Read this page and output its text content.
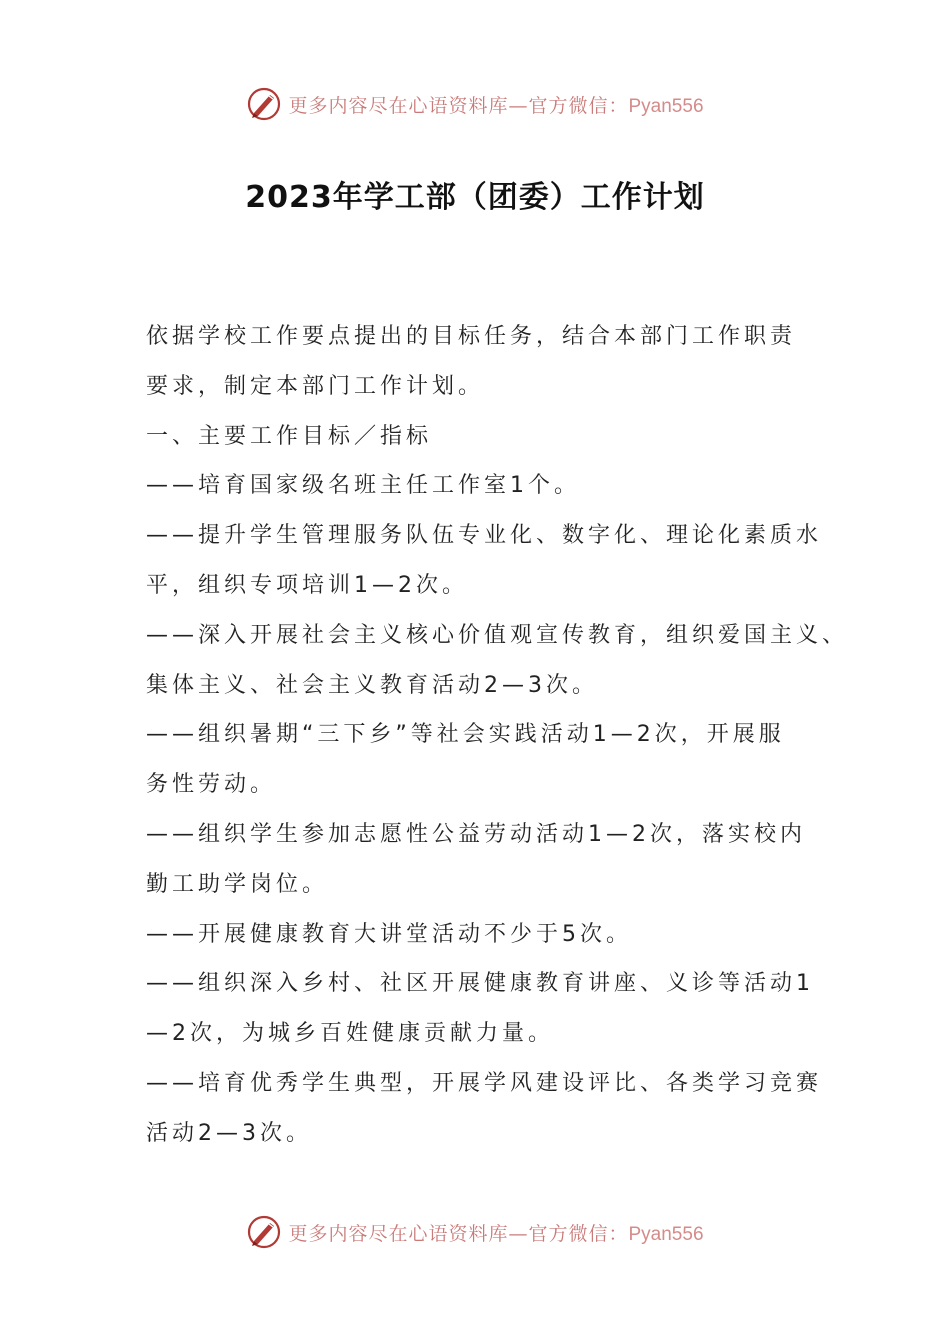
更多内容尽在心语资料库—官方微信：Pyan556
2023年学工部（团委）工作计划

依据学校工作要点提出的目标任务，结合本部门工作职责

要求，制定本部门工作计划。

一、主要工作目标／指标

——培育国家级名班主任工作室1个。

——提升学生管理服务队伍专业化、数字化、理论化素质水

平，组织专项培训1—2次。

——深入开展社会主义核心价值观宣传教育，组织爱国主义、

集体主义、社会主义教育活动2—3次。

——组织暑期“三下乡”等社会实践活动1—2次，开展服

务性劳动。

——组织学生参加志愿性公益劳动活动1—2次，落实校内

勤工助学岗位。

——开展健康教育大讲堂活动不少于5次。

——组织深入乡村、社区开展健康教育讲座、义诊等活动1

—2次，为城乡百姓健康贡献力量。

——培育优秀学生典型，开展学风建设评比、各类学习竞赛

活动2—3次。

更多内容尽在心语资料库—官方微信：Pyan556
